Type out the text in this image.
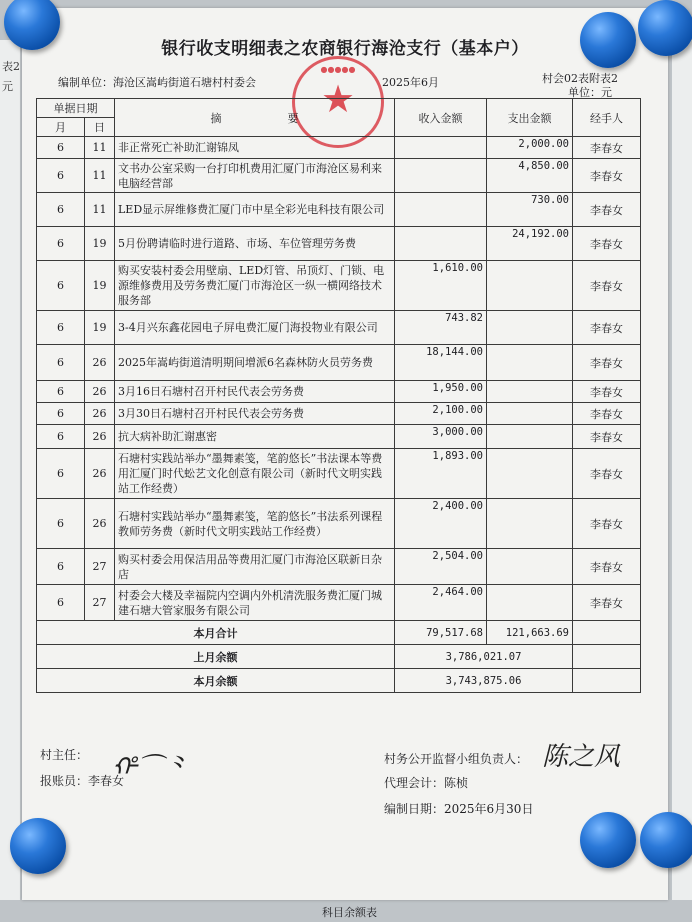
表2
元
银行收支明细表之农商银行海沧支行（基本户）
编制单位：海沧区嵩屿街道石塘村村委会	2025年6月	村会02表附表2
单位：元
●●●●●
★
单据日期		摘　　　　　　 要	收入金额	支出金额	经手人
月	日				
6	11	非正常死亡补助汇谢锦凤		2,000.00	李春女
6	11	文书办公室采购一台打印机费用汇厦门市海沧区易利来电脑经营部		4,850.00	李春女
6	11	LED显示屏维修费汇厦门市中星全彩光电科技有限公司		730.00	李春女
6	19	5月份聘请临时进行道路、市场、车位管理劳务费		24,192.00	李春女
6	19	购买安装村委会用壁扇、LED灯管、吊顶灯、门锁、电源维修费用及劳务费汇厦门市海沧区一纵一横网络技术服务部	1,610.00		李春女
6	19	3-4月兴东鑫花园电子屏电费汇厦门海投物业有限公司	743.82		李春女
6	26	2025年嵩屿街道清明期间增派6名森林防火员劳务费	18,144.00		李春女
6	26	3月16日石塘村召开村民代表会劳务费	1,950.00		李春女
6	26	3月30日石塘村召开村民代表会劳务费	2,100.00		李春女
6	26	抗大病补助汇谢惠密	3,000.00		李春女
6	26	石塘村实践站举办“墨舞素笺，笔韵悠长”书法课本等费用汇厦门时代蚣艺文化创意有限公司（新时代文明实践站工作经费）	1,893.00		李春女
6	26	石塘村实践站举办“墨舞素笺，笔韵悠长”书法系列课程教师劳务费（新时代文明实践站工作经费）	2,400.00		李春女
6	27	购买村委会用保洁用品等费用汇厦门市海沧区联新日杂店	2,504.00		李春女
6	27	村委会大楼及幸福院内空调内外机清洗服务费汇厦门城建石塘大管家服务有限公司	2,464.00		李春女
本月合计			79,517.68	121,663.69	
上月余额			3,786,021.07		
本月余额			3,743,875.06		
村主任： ᡥ⌒⺀
报账员：李春女
村务公开监督小组负责人： 陈之风
代理会计：陈桢
编制日期：2025年6月30日
科目余额表
